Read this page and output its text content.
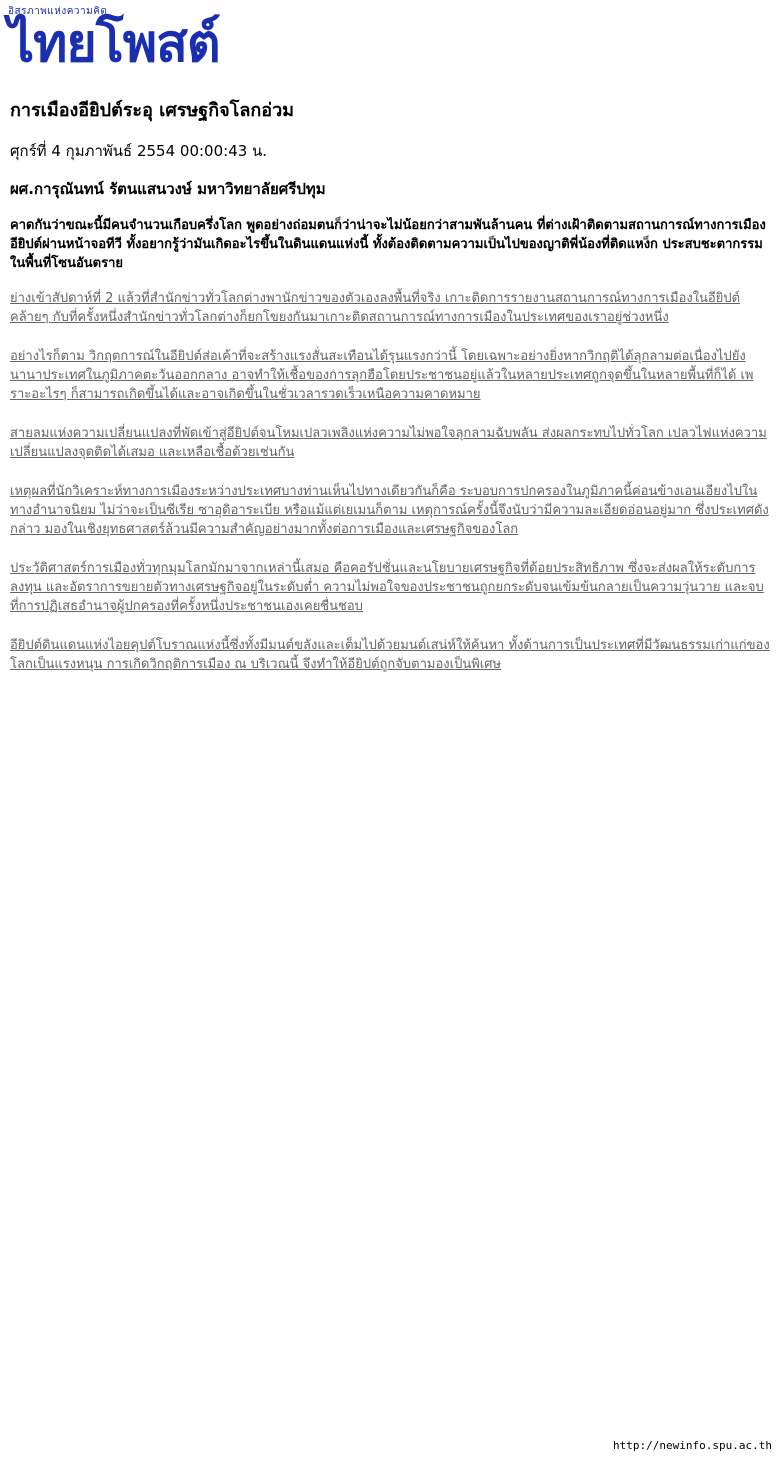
อิสรภาพแห่งความคิด
ไทยโพสต์
การเมืองอียิปต์ระอุ เศรษฐกิจโลกอ่วม
ศุกร์ที่ 4 กุมภาพันธ์ 2554 00:00:43 น.
ผศ.การุณันทน์ รัตนแสนวงษ์ มหาวิทยาลัยศรีปทุม

คาดกันว่าขณะนี้มีคนจำนวนเกือบครึ่งโลก พูดอย่างถ่อมตนก็ว่าน่าจะไม่น้อยกว่าสามพันล้านคน ที่ต่างเฝ้าติดตามสถานการณ์ทางการเมืองอียิปต์ผ่านหน้าจอทีวี ทั้งอยากรู้ว่ามันเกิดอะไรขึ้นในดินแดนแห่งนี้ ทั้งต้องติดตามความเป็นไปของญาติพี่น้องที่ติดแหง็ก ประสบชะตากรรมในพื้นที่โซนอันตราย

ย่างเข้าสัปดาห์ที่ 2 แล้วที่สำนักข่าวทั่วโลกต่างพานักข่าวของตัวเองลงพื้นที่จริง เกาะติดการรายงานสถานการณ์ทางการเมืองในอียิปต์ คล้ายๆ กับที่ครั้งหนึ่งสำนักข่าวทั่วโลกต่างก็ยกโขยงกันมาเกาะติดสถานการณ์ทางการเมืองในประเทศของเราอยู่ช่วงหนึ่ง
อย่างไรก็ตาม วิกฤตการณ์ในอียิปต์ส่อเค้าที่จะสร้างแรงสั่นสะเทือนได้รุนแรงกว่านี้ โดยเฉพาะอย่างยิ่งหากวิกฤติได้ลุกลามต่อเนื่องไปยังนานาประเทศในภูมิภาคตะวันออกกลาง อาจทำให้เชื้อของการลุกฮือโดยประชาชนอยู่แล้วในหลายประเทศถูกจุดขึ้นในหลายพื้นที่ก็ได้ เพราะอะไรๆ ก็สามารถเกิดขึ้นได้และอาจเกิดขึ้นในชั่วเวลารวดเร็วเหนือความคาดหมาย
สายลมแห่งความเปลี่ยนแปลงที่พัดเข้าสู่อียิปต์จนโหมเปลวเพลิงแห่งความไม่พอใจลุกลามฉับพลัน ส่งผลกระทบไปทั่วโลก เปลวไฟแห่งความเปลี่ยนแปลงจุดติดได้เสมอ และเหลือเชื้อด้วยเช่นกัน
เหตุผลที่นักวิเคราะห์ทางการเมืองระหว่างประเทศบางท่านเห็นไปทางเดียวกันก็คือ ระบอบการปกครองในภูมิภาคนี้ค่อนข้างเอนเอียงไปในทางอำนาจนิยม ไม่ว่าจะเป็นซีเรีย ซาอุดิอาระเบีย หรือแม้แต่เยเมนก็ตาม เหตุการณ์ครั้งนี้จึงนับว่ามีความละเอียดอ่อนอยู่มาก ซึ่งประเทศดังกล่าว มองในเชิงยุทธศาสตร์ล้วนมีความสำคัญอย่างมากทั้งต่อการเมืองและเศรษฐกิจของโลก
ประวัติศาสตร์การเมืองทั่วทุกมุมโลกมักมาจากเหล่านี้เสมอ คือคอรัปชั่นและนโยบายเศรษฐกิจที่ด้อยประสิทธิภาพ ซึ่งจะส่งผลให้ระดับการลงทุน และอัตราการขยายตัวทางเศรษฐกิจอยู่ในระดับต่ำ ความไม่พอใจของประชาชนถูกยกระดับจนเข้มข้นกลายเป็นความวุ่นวาย และจบที่การปฏิเสธอำนาจผู้ปกครองที่ครั้งหนึ่งประชาชนเองเคยชื่นชอบ
อียิปต์ดินแดนแห่งไอยคุปต์โบราณแห่งนี้ซึ่งทั้งมีมนต์ขลังและเต็มไปด้วยมนต์เสน่ห์ให้ค้นหา ทั้งด้านการเป็นประเทศที่มีวัฒนธรรมเก่าแก่ของโลกเป็นแรงหนุน การเกิดวิกฤติการเมือง ณ บริเวณนี้ จึงทำให้อียิปต์ถูกจับตามองเป็นพิเศษ
http://newinfo.spu.ac.th
